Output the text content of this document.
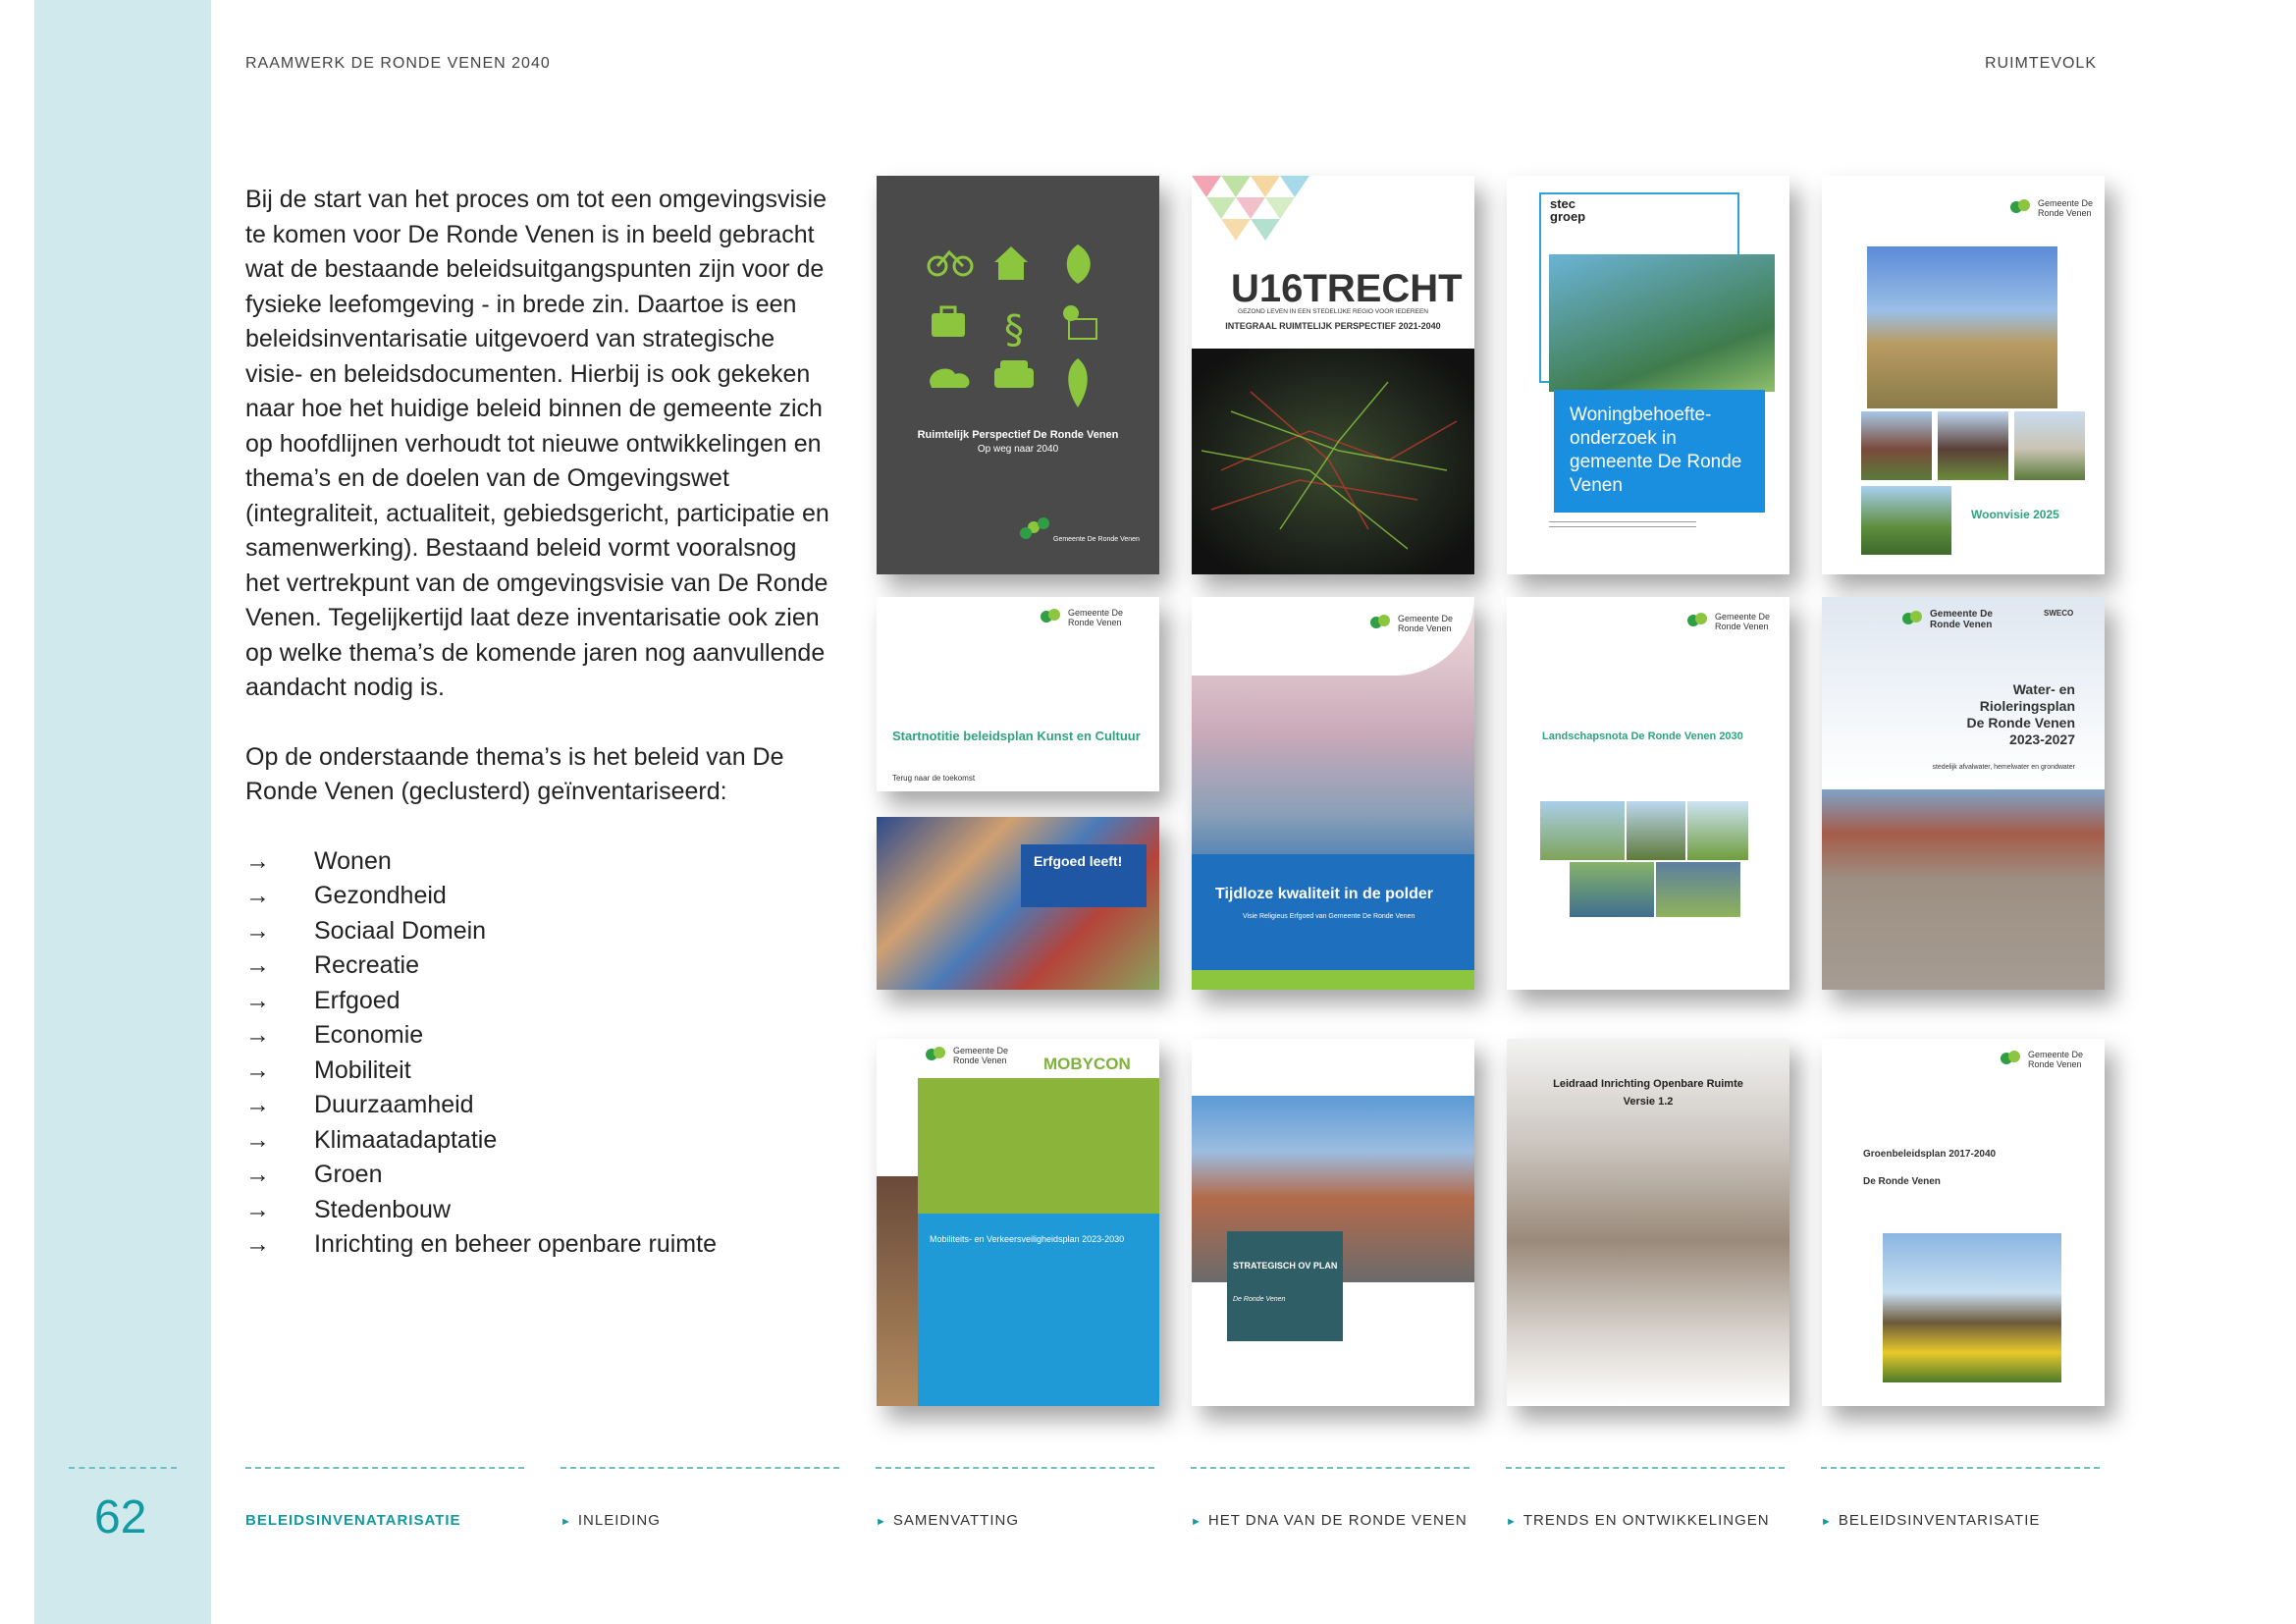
62
RAAMWERK DE RONDE VENEN 2040	RUIMTEVOLK

Bij de start van het proces om tot een omgevingsvisie te komen voor De Ronde Venen is in beeld gebracht wat de bestaande beleidsuitgangspunten zijn voor de fysieke leefomgeving - in brede zin. Daartoe is een beleidsinventarisatie uitgevoerd van strategische visie- en beleidsdocumenten. Hierbij is ook gekeken naar hoe het huidige beleid binnen de gemeente zich op hoofdlijnen verhoudt tot nieuwe ontwikkelingen en thema’s en de doelen van de Omgevingswet (integraliteit, actualiteit, gebiedsgericht, participatie en samenwerking). Bestaand beleid vormt vooralsnog het vertrekpunt van de omgevingsvisie van De Ronde Venen. Tegelijkertijd laat deze inventarisatie ook zien op welke thema’s de komende jaren nog aanvullende aandacht nodig is.

Op de onderstaande thema’s is het beleid van De Ronde Venen (geclusterd) geïnventariseerd:

→	Wonen
→	Gezondheid
→	Sociaal Domein
→	Recreatie
→	Erfgoed
→	Economie
→	Mobiliteit
→	Duurzaamheid
→	Klimaatadaptatie
→	Groen
→	Stedenbouw
→	Inrichting en beheer openbare ruimte
§
Ruimtelijk Perspectief De Ronde Venen
Op weg naar 2040
Gemeente De Ronde Venen
U16TRECHT
GEZOND LEVEN IN EEN STEDELIJKE REGIO VOOR IEDEREEN
INTEGRAAL RUIMTELIJK PERSPECTIEF 2021-2040
stec groep
Woningbehoefte-onderzoek in gemeente De Ronde Venen
Gemeente De Ronde Venen
Woonvisie 2025
Gemeente De Ronde Venen
Startnotitie beleidsplan Kunst en Cultuur
Terug naar de toekomst
Erfgoed leeft!
Gemeente De Ronde Venen
Tijdloze kwaliteit in de polder
Visie Religieus Erfgoed van Gemeente De Ronde Venen
Gemeente De Ronde Venen
Landschapsnota De Ronde Venen 2030
Gemeente De Ronde Venen
SWECO
Water- en
Rioleringsplan
De Ronde Venen
2023-2027
stedelijk afvalwater, hemelwater en grondwater
Gemeente De Ronde Venen	MOBYCON
Mobiliteits- en Verkeersveiligheidsplan 2023-2030
STRATEGISCH OV PLAN
De Ronde Venen
Leidraad Inrichting Openbare Ruimte
Versie 1.2
Gemeente De Ronde Venen
Groenbeleidsplan 2017-2040
De Ronde Venen
BELEIDSINVENATARISATIE	► INLEIDING	► SAMENVATTING	► HET DNA VAN DE RONDE VENEN	► TRENDS EN ONTWIKKELINGEN	► BELEIDSINVENTARISATIE
